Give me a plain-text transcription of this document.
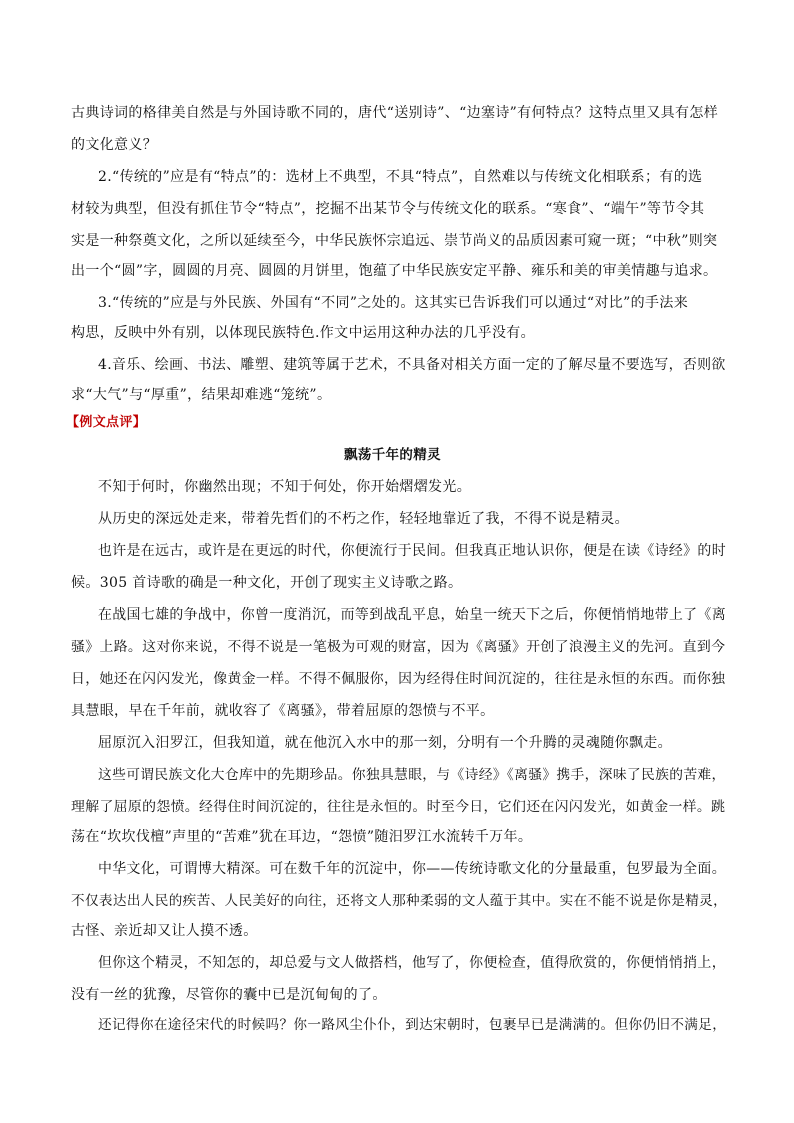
古典诗词的格律美自然是与外国诗歌不同的，唐代“送别诗”、“边塞诗”有何特点？这特点里又具有怎样
的文化意义？
2.“传统的”应是有“特点”的：选材上不典型，不具“特点”，自然难以与传统文化相联系；有的选
材较为典型，但没有抓住节令“特点”，挖掘不出某节令与传统文化的联系。“寒食”、“端午”等节令其
实是一种祭奠文化，之所以延续至今，中华民族怀宗追远、崇节尚义的品质因素可窥一斑；“中秋”则突
出一个“圆”字，圆圆的月亮、圆圆的月饼里，饱蕴了中华民族安定平静、雍乐和美的审美情趣与追求。
3.“传统的”应是与外民族、外国有“不同”之处的。这其实已告诉我们可以通过“对比”的手法来
构思，反映中外有别，以体现民族特色.作文中运用这种办法的几乎没有。
4.音乐、绘画、书法、雕塑、建筑等属于艺术，不具备对相关方面一定的了解尽量不要选写，否则欲
求“大气”与“厚重”，结果却难逃“笼统”。
【例文点评】
飘荡千年的精灵
不知于何时，你幽然出现；不知于何处，你开始熠熠发光。
从历史的深远处走来，带着先哲们的不朽之作，轻轻地靠近了我，不得不说是精灵。
也许是在远古，或许是在更远的时代，你便流行于民间。但我真正地认识你，便是在读《诗经》的时
候。305 首诗歌的确是一种文化，开创了现实主义诗歌之路。
在战国七雄的争战中，你曾一度消沉，而等到战乱平息，始皇一统天下之后，你便悄悄地带上了《离
骚》上路。这对你来说，不得不说是一笔极为可观的财富，因为《离骚》开创了浪漫主义的先河。直到今
日，她还在闪闪发光，像黄金一样。不得不佩服你，因为经得住时间沉淀的，往往是永恒的东西。而你独
具慧眼，早在千年前，就收容了《离骚》，带着屈原的怨愤与不平。
屈原沉入汨罗江，但我知道，就在他沉入水中的那一刻，分明有一个升腾的灵魂随你飘走。
这些可谓民族文化大仓库中的先期珍品。你独具慧眼，与《诗经》《离骚》携手，深味了民族的苦难，
理解了屈原的怨愤。经得住时间沉淀的，往往是永恒的。时至今日，它们还在闪闪发光，如黄金一样。跳
荡在“坎坎伐檀”声里的“苦难”犹在耳边，“怨愤”随汨罗江水流转千万年。
中华文化，可谓博大精深。可在数千年的沉淀中，你——传统诗歌文化的分量最重，包罗最为全面。
不仅表达出人民的疾苦、人民美好的向往，还将文人那种柔弱的文人蕴于其中。实在不能不说是你是精灵，
古怪、亲近却又让人摸不透。
但你这个精灵，不知怎的，却总爱与文人做搭档，他写了，你便检查，值得欣赏的，你便悄悄捎上，
没有一丝的犹豫，尽管你的囊中已是沉甸甸的了。
还记得你在途径宋代的时候吗？你一路风尘仆仆，到达宋朝时，包裹早已是满满的。但你仍旧不满足，
